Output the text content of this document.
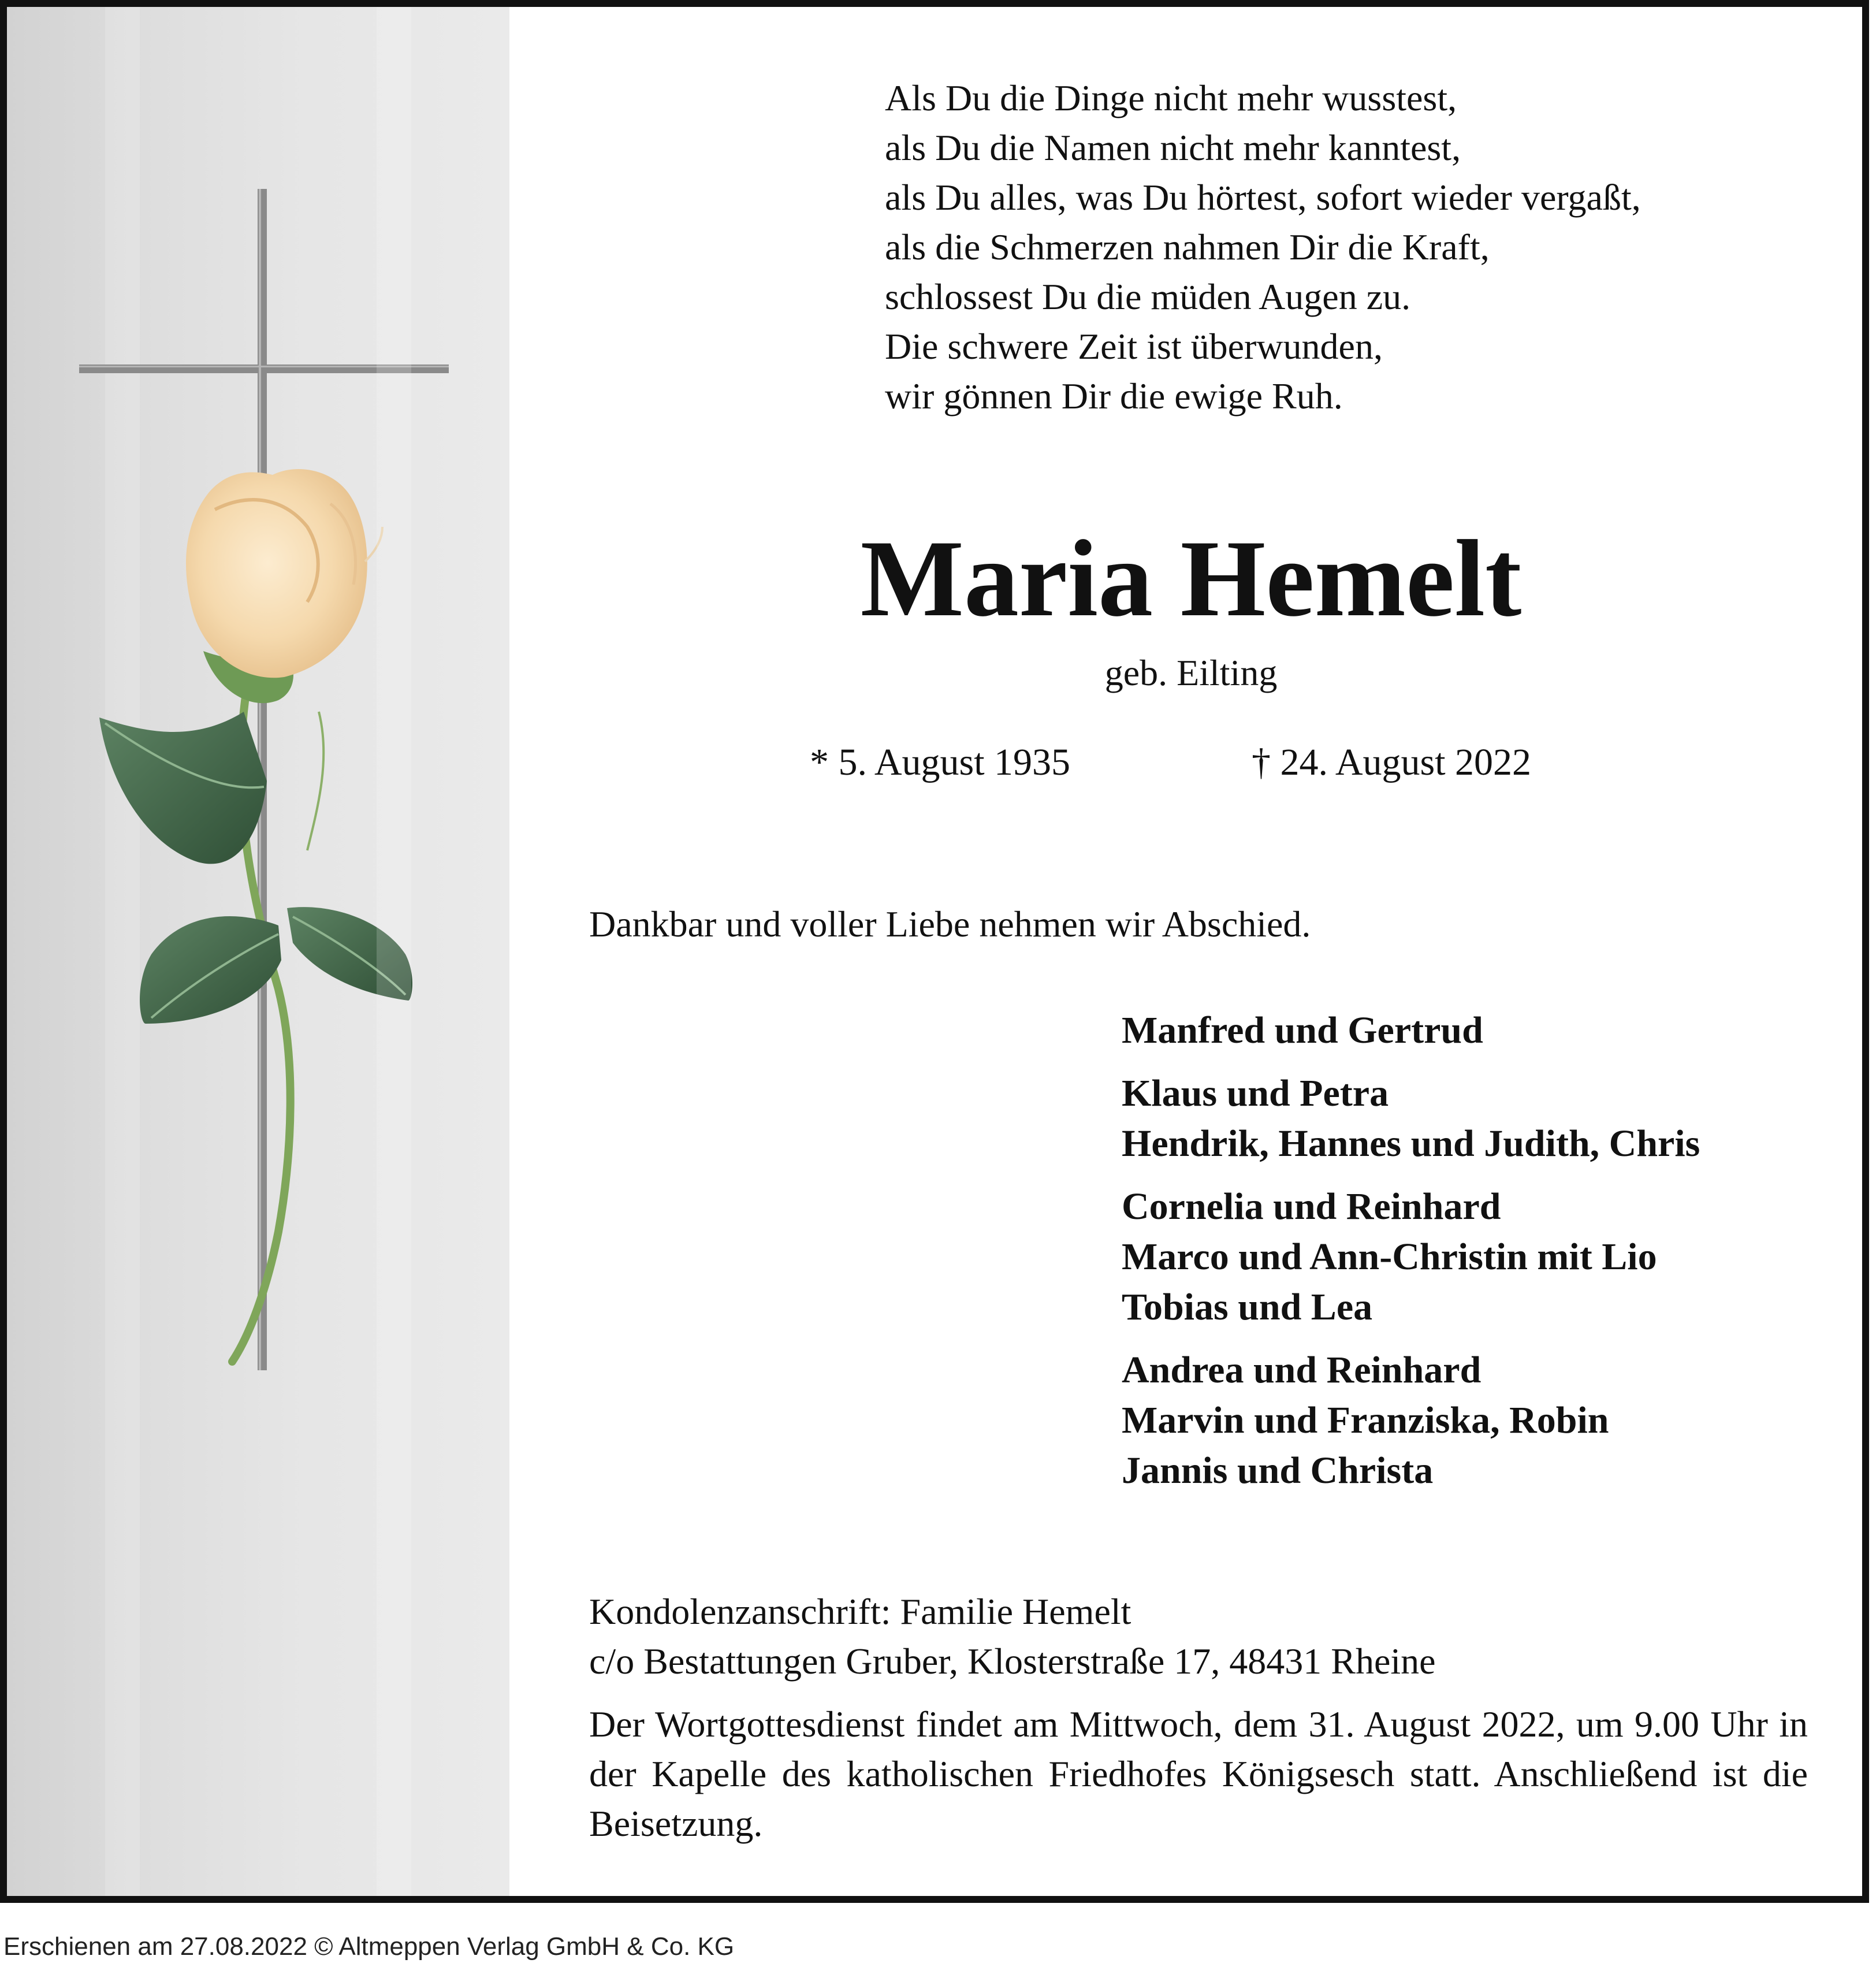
Als Du die Dinge nicht mehr wusstest,
als Du die Namen nicht mehr kanntest,
als Du alles, was Du hörtest, sofort wieder vergaßt,
als die Schmerzen nahmen Dir die Kraft,
schlossest Du die müden Augen zu.
Die schwere Zeit ist überwunden,
wir gönnen Dir die ewige Ruh.
Maria Hemelt
geb. Eilting
* 5. August 1935	† 24. August 2022
Dankbar und voller Liebe nehmen wir Abschied.
Manfred und Gertrud
Klaus und Petra
Hendrik, Hannes und Judith, Chris
Cornelia und Reinhard
Marco und Ann-Christin mit Lio
Tobias und Lea
Andrea und Reinhard
Marvin und Franziska, Robin
Jannis und Christa
Kondolenzanschrift: Familie Hemelt
c/o Bestattungen Gruber, Klosterstraße 17, 48431 Rheine
Der Wortgottesdienst findet am Mittwoch, dem 31. August 2022, um 9.00 Uhr in der Kapelle des katholischen Friedhofes Königsesch statt. Anschließend ist die Beisetzung.
Erschienen am 27.08.2022 © Altmeppen Verlag GmbH & Co. KG
